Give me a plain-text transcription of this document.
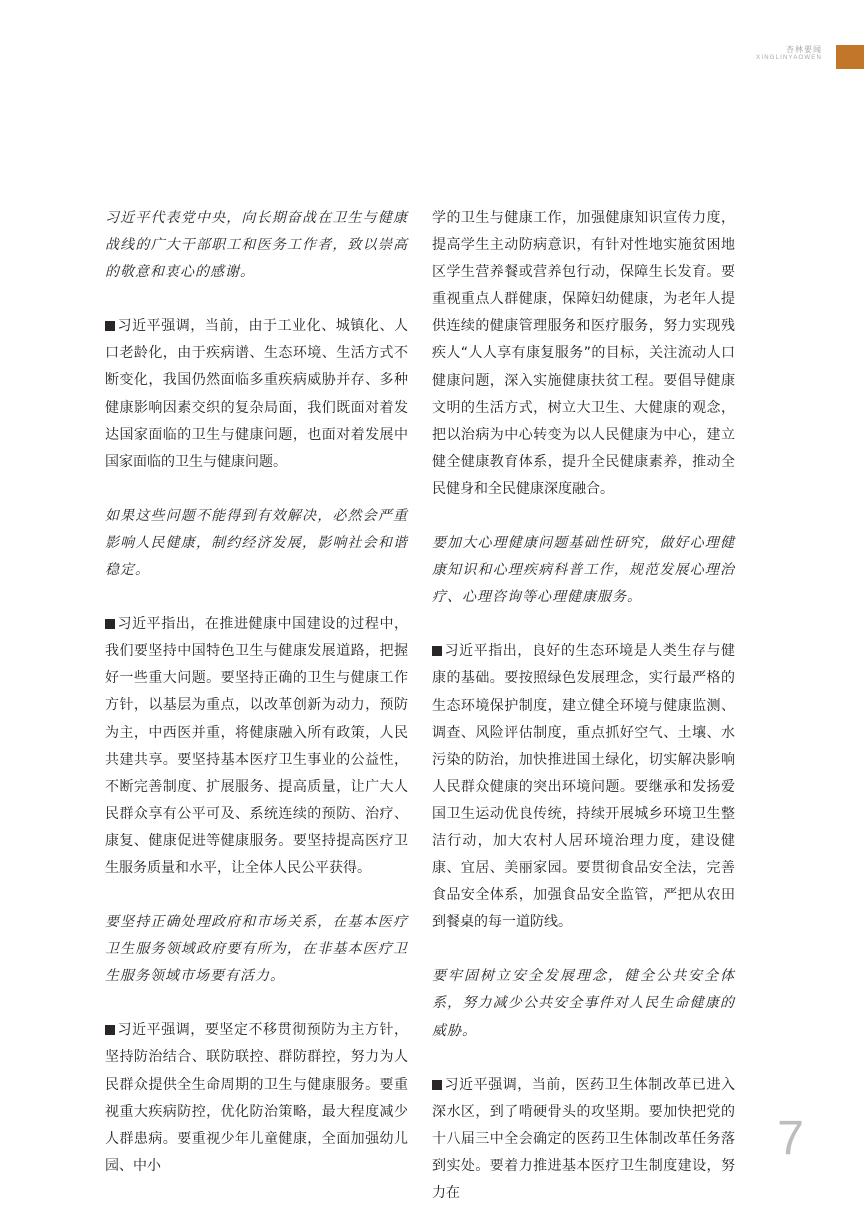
杏林要闻
XINGLINYAOWEN

习近平代表党中央，向长期奋战在卫生与健康战线的广大干部职工和医务工作者，致以崇高的敬意和衷心的感谢。

习近平强调，当前，由于工业化、城镇化、人口老龄化，由于疾病谱、生态环境、生活方式不断变化，我国仍然面临多重疾病威胁并存、多种健康影响因素交织的复杂局面，我们既面对着发达国家面临的卫生与健康问题，也面对着发展中国家面临的卫生与健康问题。

如果这些问题不能得到有效解决，必然会严重影响人民健康，制约经济发展，影响社会和谐稳定。

习近平指出，在推进健康中国建设的过程中，我们要坚持中国特色卫生与健康发展道路，把握好一些重大问题。要坚持正确的卫生与健康工作方针，以基层为重点，以改革创新为动力，预防为主，中西医并重，将健康融入所有政策，人民共建共享。要坚持基本医疗卫生事业的公益性，不断完善制度、扩展服务、提高质量，让广大人民群众享有公平可及、系统连续的预防、治疗、康复、健康促进等健康服务。要坚持提高医疗卫生服务质量和水平，让全体人民公平获得。

要坚持正确处理政府和市场关系，在基本医疗卫生服务领域政府要有所为，在非基本医疗卫生服务领域市场要有活力。

习近平强调，要坚定不移贯彻预防为主方针，坚持防治结合、联防联控、群防群控，努力为人民群众提供全生命周期的卫生与健康服务。要重视重大疾病防控，优化防治策略，最大程度减少人群患病。要重视少年儿童健康，全面加强幼儿园、中小

学的卫生与健康工作，加强健康知识宣传力度，提高学生主动防病意识，有针对性地实施贫困地区学生营养餐或营养包行动，保障生长发育。要重视重点人群健康，保障妇幼健康，为老年人提供连续的健康管理服务和医疗服务，努力实现残疾人“人人享有康复服务”的目标，关注流动人口健康问题，深入实施健康扶贫工程。要倡导健康文明的生活方式，树立大卫生、大健康的观念，把以治病为中心转变为以人民健康为中心，建立健全健康教育体系，提升全民健康素养，推动全民健身和全民健康深度融合。

要加大心理健康问题基础性研究，做好心理健康知识和心理疾病科普工作，规范发展心理治疗、心理咨询等心理健康服务。

习近平指出，良好的生态环境是人类生存与健康的基础。要按照绿色发展理念，实行最严格的生态环境保护制度，建立健全环境与健康监测、调查、风险评估制度，重点抓好空气、土壤、水污染的防治，加快推进国土绿化，切实解决影响人民群众健康的突出环境问题。要继承和发扬爱国卫生运动优良传统，持续开展城乡环境卫生整洁行动，加大农村人居环境治理力度，建设健康、宜居、美丽家园。要贯彻食品安全法，完善食品安全体系，加强食品安全监管，严把从农田到餐桌的每一道防线。

要牢固树立安全发展理念，健全公共安全体系，努力减少公共安全事件对人民生命健康的威胁。

习近平强调，当前，医药卫生体制改革已进入深水区，到了啃硬骨头的攻坚期。要加快把党的十八届三中全会确定的医药卫生体制改革任务落到实处。要着力推进基本医疗卫生制度建设，努力在

7
